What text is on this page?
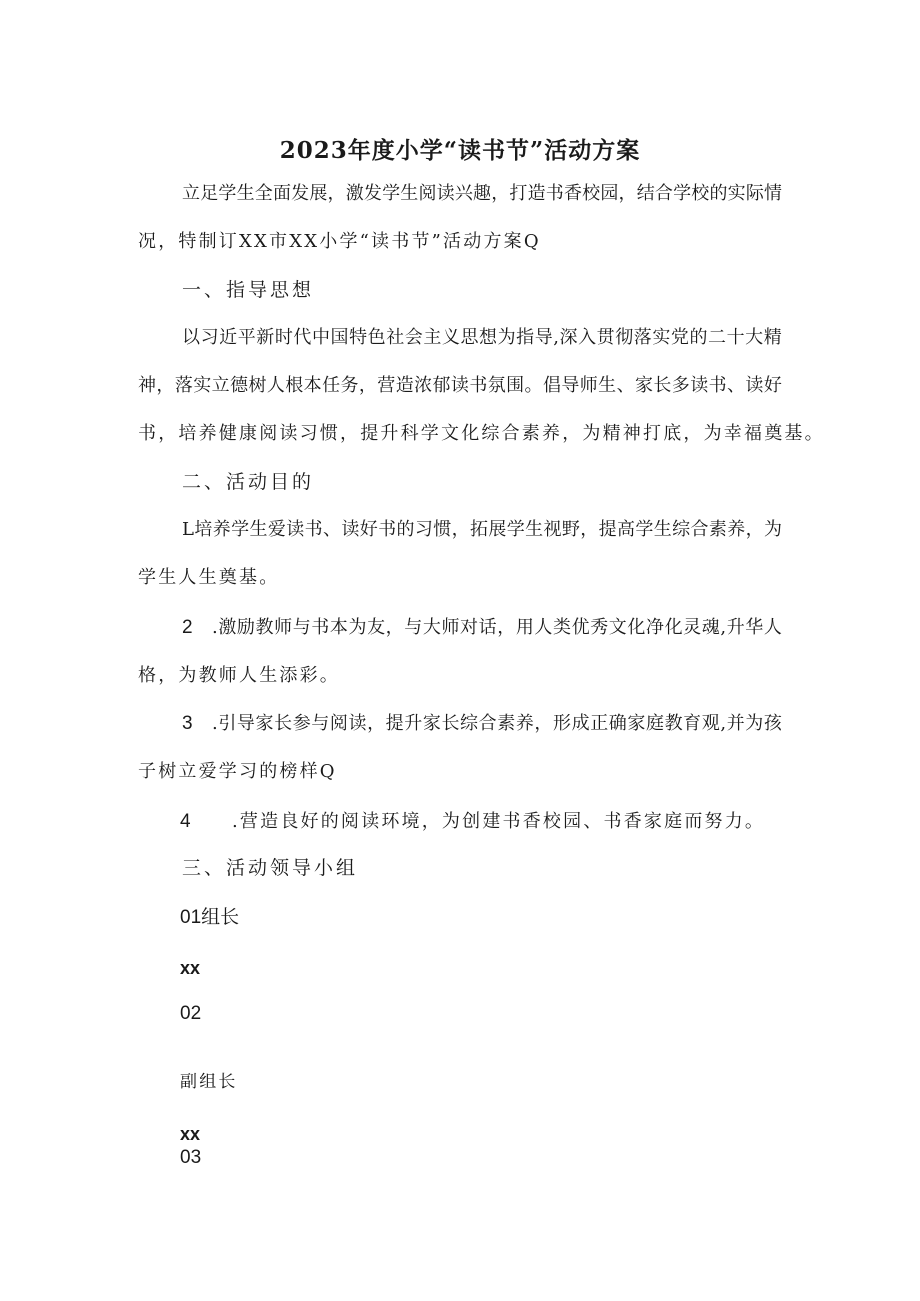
2023年度小学“读书节”活动方案

立 足 学 生 全 面 发 展 ， 激 发 学 生 阅 读 兴 趣 ， 打 造 书 香 校 园 ， 结 合 学 校 的 实 际 情

况，特制订XX市XX小学“读书节”活动方案Q

一、指导思想

以 习 近 平 新 时 代 中 国 特 色 社 会 主 义 思 想 为 指 导 , 深 入 贯 彻 落 实 党 的 二 十 大 精

神 ， 落 实 立 德 树 人 根 本 任 务 ， 营 造 浓 郁 读 书 氛 围 。 倡 导 师 生 、 家 长 多 读 书 、 读 好

书，培养健康阅读习惯，提升科学文化综合素养，为精神打底，为幸福奠基。

二、活动目的

L 培 养 学 生 爱 读 书 、 读 好 书 的 习 惯 ， 拓 展 学 生 视 野 ， 提 高 学 生 综 合 素 养 ， 为

学生人生奠基。

2 . 激 励 教 师 与 书 本 为 友 ， 与 大 师 对 话 ， 用 人 类 优 秀 文 化 净 化 灵 魂 , 升 华 人

格，为教师人生添彩。

3 . 引 导 家 长 参 与 阅 读 ， 提 升 家 长 综 合 素 养 ， 形 成 正 确 家 庭 教 育 观 , 并 为 孩

子树立爱学习的榜样Q

4 .营造良好的阅读环境，为创建书香校园、书香家庭而努力。

三、活动领导小组

01组长

xx

02

副组长

xx

03
